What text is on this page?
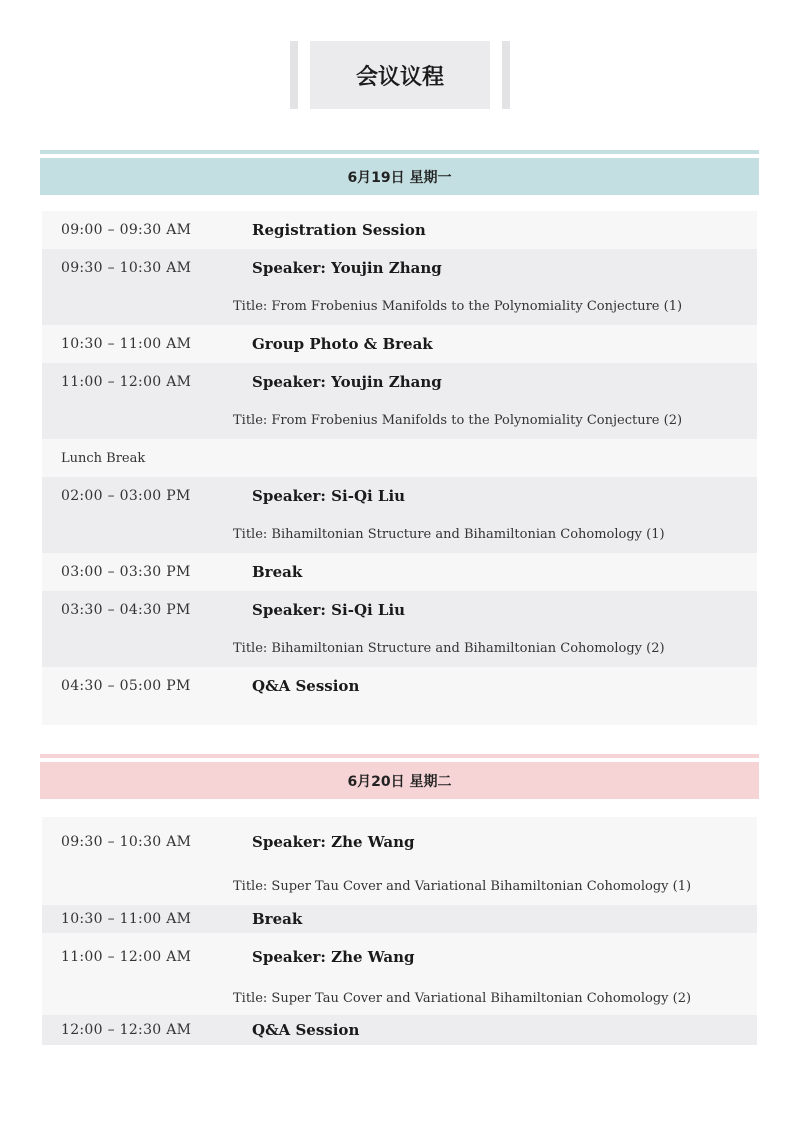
会议议程
6月19日 星期一
09:00 – 09:30 AM	Registration Session
09:30 – 10:30 AM	Speaker: Youjin Zhang
Title: From Frobenius Manifolds to the Polynomiality Conjecture (1)
10:30 – 11:00 AM	Group Photo & Break
11:00 – 12:00 AM	Speaker: Youjin Zhang
Title: From Frobenius Manifolds to the Polynomiality Conjecture (2)
Lunch Break
02:00 – 03:00 PM	Speaker: Si-Qi Liu
Title: Bihamiltonian Structure and Bihamiltonian Cohomology (1)
03:00 – 03:30 PM	Break
03:30 – 04:30 PM	Speaker: Si-Qi Liu
Title: Bihamiltonian Structure and Bihamiltonian Cohomology (2)
04:30 – 05:00 PM	Q&A Session
6月20日 星期二
09:30 – 10:30 AM	Speaker: Zhe Wang
Title: Super Tau Cover and Variational Bihamiltonian Cohomology (1)
10:30 – 11:00 AM	Break
11:00 – 12:00 AM	Speaker: Zhe Wang
Title: Super Tau Cover and Variational Bihamiltonian Cohomology (2)
12:00 – 12:30 AM	Q&A Session
